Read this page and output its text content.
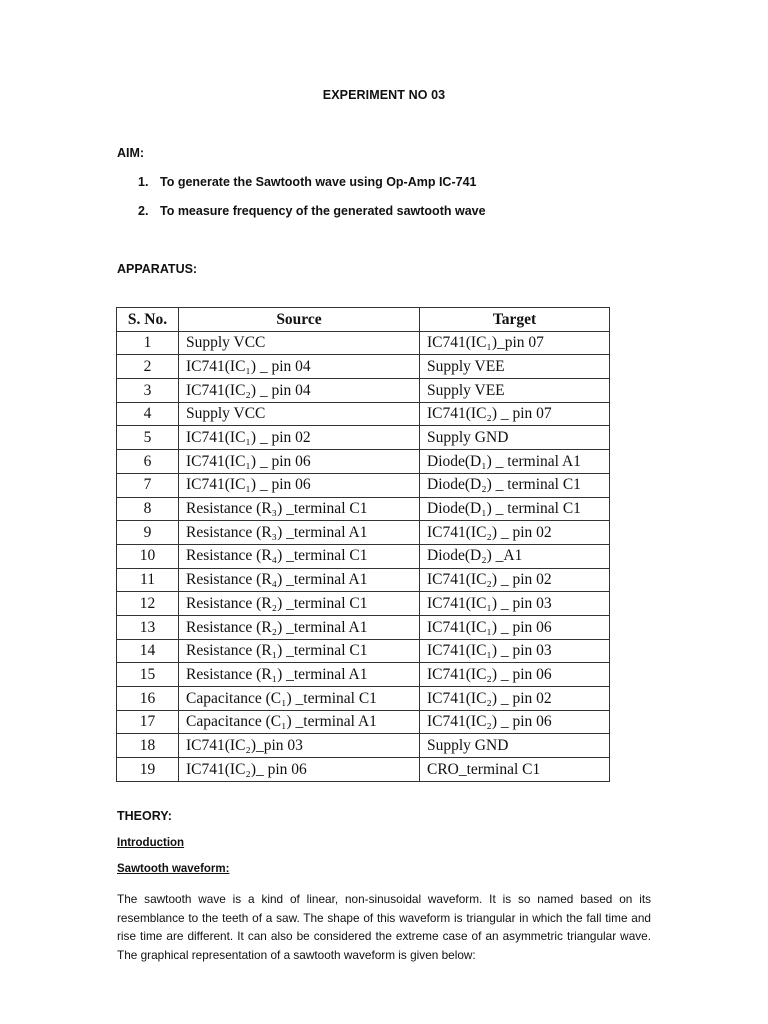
EXPERIMENT NO 03
AIM:
1. To generate the Sawtooth wave using Op-Amp IC-741
2. To measure frequency of the generated sawtooth wave
APPARATUS:
S. No.	Source	Target
1	Supply VCC	IC741(IC₁)_pin 07
2	IC741(IC₁) _ pin 04	Supply VEE
3	IC741(IC₂) _ pin 04	Supply VEE
4	Supply VCC	IC741(IC₂) _ pin 07
5	IC741(IC₁) _ pin 02	Supply GND
6	IC741(IC₁) _ pin 06	Diode(D₁) _ terminal A1
7	IC741(IC₁) _ pin 06	Diode(D₂) _ terminal C1
8	Resistance (R₃) _terminal C1	Diode(D₁) _ terminal C1
9	Resistance (R₃) _terminal A1	IC741(IC₂) _ pin 02
10	Resistance (R₄) _terminal C1	Diode(D₂) _A1
11	Resistance (R₄) _terminal A1	IC741(IC₂) _ pin 02
12	Resistance (R₂) _terminal C1	IC741(IC₁) _ pin 03
13	Resistance (R₂) _terminal A1	IC741(IC₁) _ pin 06
14	Resistance (R₁) _terminal C1	IC741(IC₁) _ pin 03
15	Resistance (R₁) _terminal A1	IC741(IC₂) _ pin 06
16	Capacitance (C₁) _terminal C1	IC741(IC₂) _ pin 02
17	Capacitance (C₁) _terminal A1	IC741(IC₂) _ pin 06
18	IC741(IC₂)_pin 03	Supply GND
19	IC741(IC₂)_ pin 06	CRO_terminal C1
THEORY:
Introduction
Sawtooth waveform:

The sawtooth wave is a kind of linear, non-sinusoidal waveform. It is so named based on its resemblance to the teeth of a saw. The shape of this waveform is triangular in which the fall time and rise time are different. It can also be considered the extreme case of an asymmetric triangular wave. The graphical representation of a sawtooth waveform is given below:
